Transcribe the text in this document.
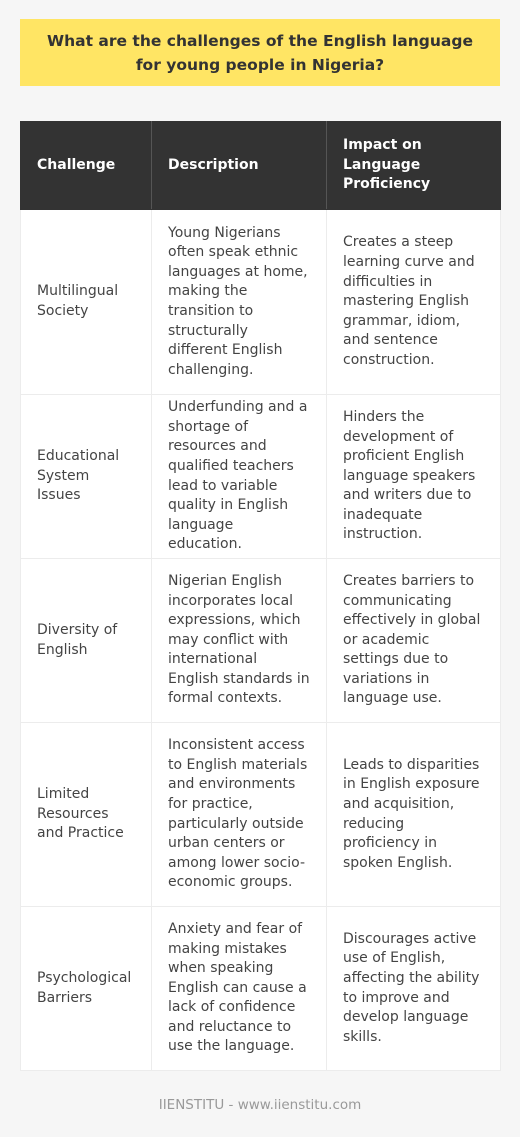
What are the challenges of the English language for young people in Nigeria?
Challenge	Description	Impact on Language Proficiency
Multilingual Society	Young Nigerians often speak ethnic languages at home, making the transition to structurally different English challenging.	Creates a steep learning curve and difficulties in mastering English grammar, idiom, and sentence construction.
Educational System Issues	Underfunding and a shortage of resources and qualified teachers lead to variable quality in English language education.	Hinders the development of proficient English language speakers and writers due to inadequate instruction.
Diversity of English	Nigerian English incorporates local expressions, which may conflict with international English standards in formal contexts.	Creates barriers to communicating effectively in global or academic settings due to variations in language use.
Limited Resources and Practice	Inconsistent access to English materials and environments for practice, particularly outside urban centers or among lower socio-economic groups.	Leads to disparities in English exposure and acquisition, reducing proficiency in spoken English.
Psychological Barriers	Anxiety and fear of making mistakes when speaking English can cause a lack of confidence and reluctance to use the language.	Discourages active use of English, affecting the ability to improve and develop language skills.
IIENSTITU - www.iienstitu.com
